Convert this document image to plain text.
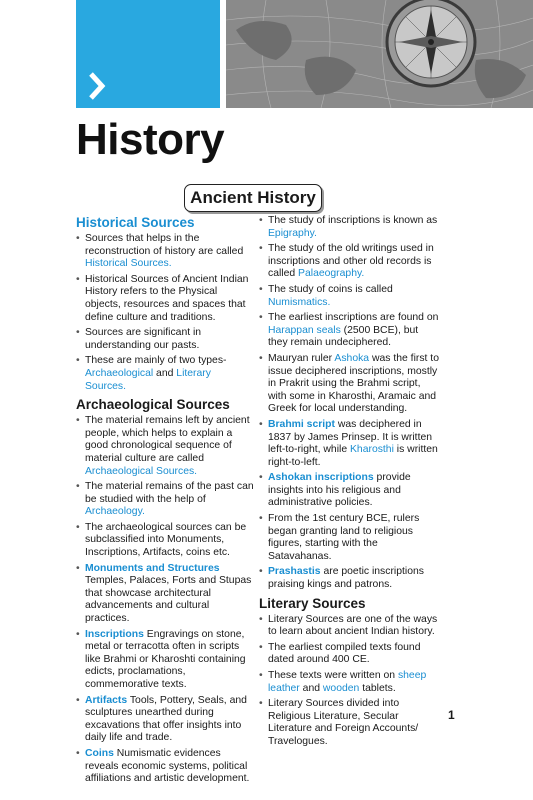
History
Ancient History
Historical Sources
• Sources that helps in the reconstruction of history are called Historical Sources.
• Historical Sources of Ancient Indian History refers to the Physical objects, resources and spaces that define culture and traditions.
• Sources are significant in understanding our pasts.
• These are mainly of two types- Archaeological and Literary Sources.
Archaeological Sources
• The material remains left by ancient people, which helps to explain a good chronological sequence of material culture are called Archaeological Sources.
• The material remains of the past can be studied with the help of Archaeology.
• The archaeological sources can be subclassified into Monuments, Inscriptions, Artifacts, coins etc.
• Monuments and Structures Temples, Palaces, Forts and Stupas that showcase architectural advancements and cultural practices.
• Inscriptions Engravings on stone, metal or terracotta often in scripts like Brahmi or Kharoshti containing edicts, proclamations, commemorative texts.
• Artifacts Tools, Pottery, Seals, and sculptures unearthed during excavations that offer insights into daily life and trade.
• Coins Numismatic evidences reveals economic systems, political affiliations and artistic development.
• The study of inscriptions is known as Epigraphy.
• The study of the old writings used in inscriptions and other old records is called Palaeography.
• The study of coins is called Numismatics.
• The earliest inscriptions are found on Harappan seals (2500 BCE), but they remain undeciphered.
• Mauryan ruler Ashoka was the first to issue deciphered inscriptions, mostly in Prakrit using the Brahmi script, with some in Kharosthi, Aramaic and Greek for local understanding.
• Brahmi script was deciphered in 1837 by James Prinsep. It is written left-to-right, while Kharosthi is written right-to-left.
• Ashokan inscriptions provide insights into his religious and administrative policies.
• From the 1st century BCE, rulers began granting land to religious figures, starting with the Satavahanas.
• Prashastis are poetic inscriptions praising kings and patrons.
Literary Sources
• Literary Sources are one of the ways to learn about ancient Indian history.
• The earliest compiled texts found dated around 400 CE.
• These texts were written on sheep leather and wooden tablets.
• Literary Sources divided into Religious Literature, Secular Literature and Foreign Accounts/ Travelogues.
1
